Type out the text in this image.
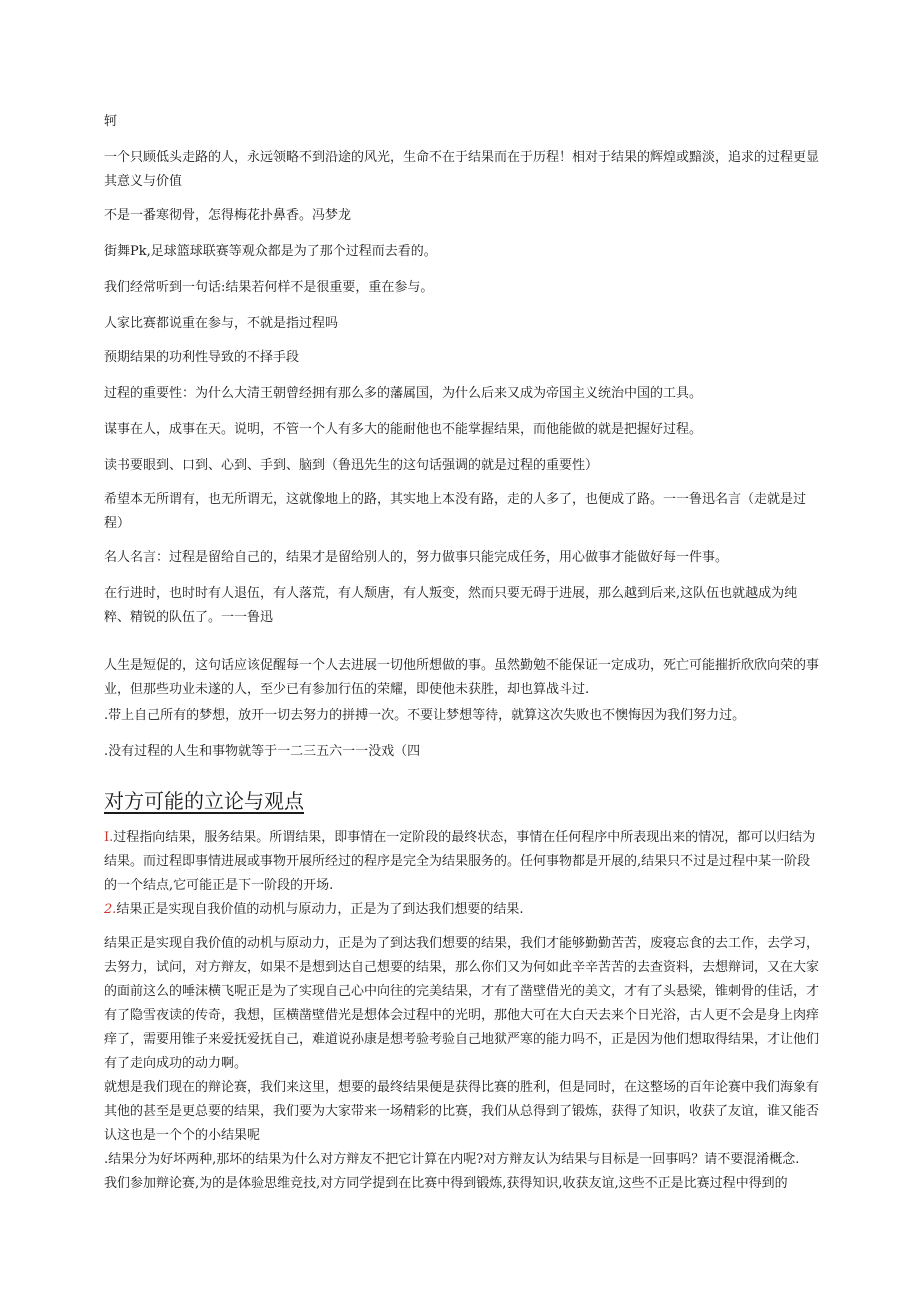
轲
一个只顾低头走路的人，永远领略不到沿途的风光，生命不在于结果而在于历程！相对于结果的辉煌或黯淡，追求的过程更显其意义与价值
不是一番寒彻骨，怎得梅花扑鼻香。冯梦龙
街舞Pk,足球篮球联赛等观众都是为了那个过程而去看的。
我们经常听到一句话:结果若何样不是很重要，重在参与。
人家比赛都说重在参与，不就是指过程吗
预期结果的功利性导致的不择手段
过程的重要性：为什么大清王朝曾经拥有那么多的藩属国，为什么后来又成为帝国主义统治中国的工具。
谋事在人，成事在天。说明，不管一个人有多大的能耐他也不能掌握结果，而他能做的就是把握好过程。
读书要眼到、口到、心到、手到、脑到（鲁迅先生的这句话强调的就是过程的重要性）
希望本无所谓有，也无所谓无，这就像地上的路，其实地上本没有路，走的人多了，也便成了路。一一鲁迅名言（走就是过程）
名人名言：过程是留给自己的，结果才是留给别人的，努力做事只能完成任务，用心做事才能做好每一件事。
在行进时，也时时有人退伍，有人落荒，有人颓唐，有人叛变，然而只要无碍于进展，那么越到后来,这队伍也就越成为纯粹、精锐的队伍了。一一鲁迅
人生是短促的，这句话应该促醒每一个人去进展一切他所想做的事。虽然勤勉不能保证一定成功，死亡可能摧折欣欣向荣的事业，但那些功业未遂的人，至少已有参加行伍的荣耀，即使他未获胜，却也算战斗过.
.带上自己所有的梦想，放开一切去努力的拼搏一次。不要让梦想等待，就算这次失败也不懊悔因为我们努力过。
.没有过程的人生和事物就等于一二三五六一一没戏（四
对方可能的立论与观点
I.过程指向结果，服务结果。所谓结果，即事情在一定阶段的最终状态，事情在任何程序中所表现出来的情况，都可以归结为结果。而过程即事情进展或事物开展所经过的程序是完全为结果服务的。任何事物都是开展的,结果只不过是过程中某一阶段的一个结点,它可能正是下一阶段的开场.
2.结果正是实现自我价值的动机与原动力，正是为了到达我们想要的结果.
结果正是实现自我价值的动机与原动力，正是为了到达我们想要的结果，我们才能够勤勤苦苦，废寝忘食的去工作，去学习，去努力，试问，对方辩友，如果不是想到达自己想要的结果，那么你们又为何如此辛辛苦苦的去查资料，去想辩词，又在大家的面前这么的唾沫横飞呢正是为了实现自己心中向往的完美结果，才有了凿壁借光的美文，才有了头悬梁，锥刺骨的佳话，才有了隐雪夜读的传奇，我想，匡横凿壁借光是想体会过程中的光明，那他大可在大白天去来个日光浴，古人更不会是身上肉痒痒了，需要用锥子来爱抚爱抚自己，难道说孙康是想考验考验自己地狱严寒的能力吗不，正是因为他们想取得结果，才让他们有了走向成功的动力啊。
就想是我们现在的辩论赛，我们来这里，想要的最终结果便是获得比赛的胜利，但是同时，在这整场的百年论赛中我们海象有其他的甚至是更总要的结果，我们要为大家带来一场精彩的比赛，我们从总得到了锻炼，获得了知识，收获了友谊，谁又能否认这也是一个个的小结果呢
.结果分为好坏两种,那坏的结果为什么对方辩友不把它计算在内呢?对方辩友认为结果与目标是一回事吗？请不要混淆概念.
我们参加辩论赛,为的是体验思维竞技,对方同学提到在比赛中得到锻炼,获得知识,收获友谊,这些不正是比赛过程中得到的
